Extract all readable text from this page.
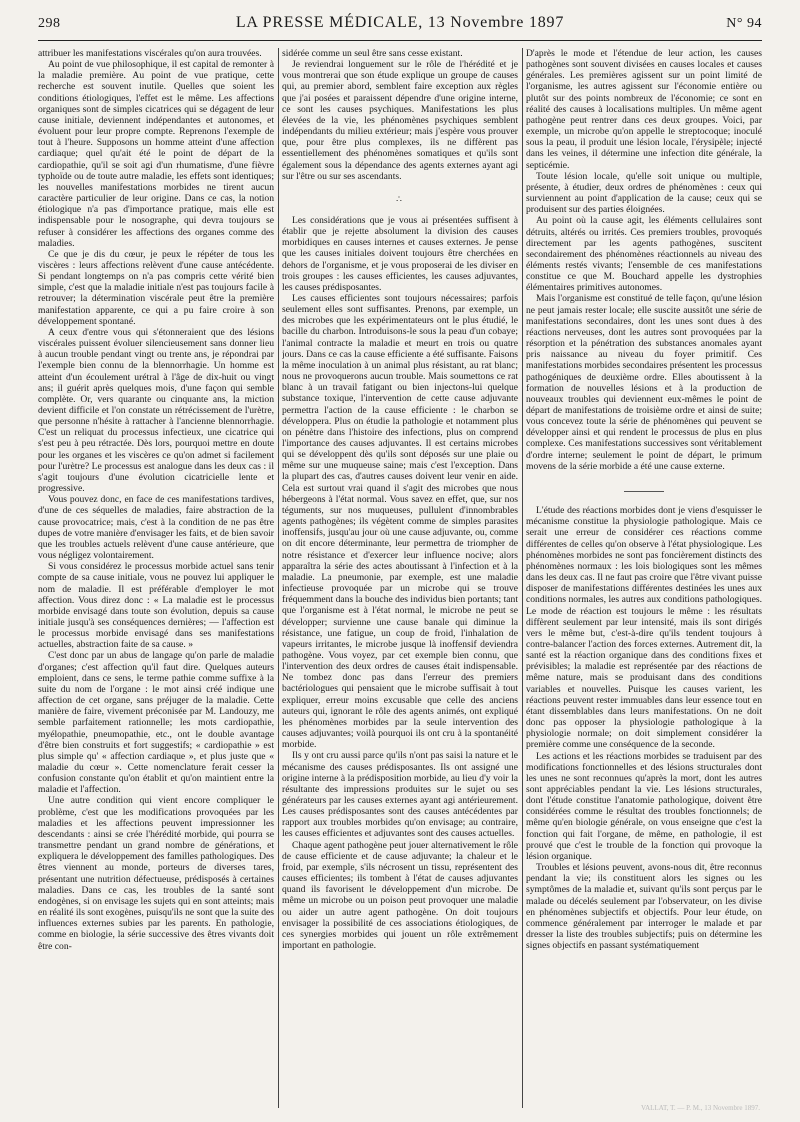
298	LA PRESSE MÉDICALE, 13 Novembre 1897	N° 94

attribuer les manifestations viscérales qu'on aura trouvées.

Au point de vue philosophique, il est capital de remonter à la maladie première. Au point de vue pratique, cette recherche est souvent inutile. Quelles que soient les conditions étiologiques, l'effet est le même. Les affections organiques sont de simples cicatrices qui se dégagent de leur cause initiale, deviennent indépendantes et autonomes, et évoluent pour leur propre compte. Reprenons l'exemple de tout à l'heure. Supposons un homme atteint d'une affection cardiaque; quel qu'ait été le point de départ de la cardiopathie, qu'il se soit agi d'un rhumatisme, d'une fièvre typhoïde ou de toute autre maladie, les effets sont identiques; les nouvelles manifestations morbides ne tirent aucun caractère particulier de leur origine. Dans ce cas, la notion étiologique n'a pas d'importance pratique, mais elle est indispensable pour le nosographe, qui devra toujours se refuser à considérer les affections des organes comme des maladies.

Ce que je dis du cœur, je peux le répéter de tous les viscères : leurs affections relèvent d'une cause antécédente. Si pendant longtemps on n'a pas compris cette vérité bien simple, c'est que la maladie initiale n'est pas toujours facile à retrouver; la détermination viscérale peut être la première manifestation apparente, ce qui a pu faire croire à son développement spontané.

A ceux d'entre vous qui s'étonneraient que des lésions viscérales puissent évoluer silencieusement sans donner lieu à aucun trouble pendant vingt ou trente ans, je répondrai par l'exemple bien connu de la blennorrhagie. Un homme est atteint d'un écoulement urétral à l'âge de dix-huit ou vingt ans; il guérit après quelques mois, d'une façon qui semble complète. Or, vers quarante ou cinquante ans, la miction devient difficile et l'on constate un rétrécissement de l'urètre, que personne n'hésite à rattacher à l'ancienne blennorrhagie. C'est un reliquat du processus infectieux, une cicatrice qui s'est peu à peu rétractée. Dès lors, pourquoi mettre en doute pour les organes et les viscères ce qu'on admet si facilement pour l'urètre? Le processus est analogue dans les deux cas : il s'agit toujours d'une évolution cicatricielle lente et progressive.

Vous pouvez donc, en face de ces manifestations tardives, d'une de ces séquelles de maladies, faire abstraction de la cause provocatrice; mais, c'est à la condition de ne pas être dupes de votre manière d'envisager les faits, et de bien savoir que les troubles actuels relèvent d'une cause antérieure, que vous négligez volontairement.

Si vous considérez le processus morbide actuel sans tenir compte de sa cause initiale, vous ne pouvez lui appliquer le nom de maladie. Il est préférable d'employer le mot affection. Vous direz donc : « La maladie est le processus morbide envisagé dans toute son évolution, depuis sa cause initiale jusqu'à ses conséquences dernières; — l'affection est le processus morbide envisagé dans ses manifestations actuelles, abstraction faite de sa cause. »

C'est donc par un abus de langage qu'on parle de maladie d'organes; c'est affection qu'il faut dire. Quelques auteurs emploient, dans ce sens, le terme pathie comme suffixe à la suite du nom de l'organe : le mot ainsi créé indique une affection de cet organe, sans préjuger de la maladie. Cette manière de faire, vivement préconisée par M. Landouzy, me semble parfaitement rationnelle; les mots cardiopathie, myélopathie, pneumopathie, etc., ont le double avantage d'être bien construits et fort suggestifs; « cardiopathie » est plus simple qu' « affection cardiaque », et plus juste que « maladie du cœur ». Cette nomenclature ferait cesser la confusion constante qu'on établit et qu'on maintient entre la maladie et l'affection.

Une autre condition qui vient encore compliquer le problème, c'est que les modifications provoquées par les maladies et les affections peuvent impressionner les descendants : ainsi se crée l'hérédité morbide, qui pourra se transmettre pendant un grand nombre de générations, et expliquera le développement des familles pathologiques. Des êtres viennent au monde, porteurs de diverses tares, présentant une nutrition défectueuse, prédisposés à certaines maladies. Dans ce cas, les troubles de la santé sont endogènes, si on envisage les sujets qui en sont atteints; mais en réalité ils sont exogènes, puisqu'ils ne sont que la suite des influences externes subies par les parents. En pathologie, comme en biologie, la série successive des êtres vivants doit être con-

sidérée comme un seul être sans cesse existant.

Je reviendrai longuement sur le rôle de l'hérédité et je vous montrerai que son étude explique un groupe de causes qui, au premier abord, semblent faire exception aux règles que j'ai posées et paraissent dépendre d'une origine interne, ce sont les causes psychiques. Manifestations les plus élevées de la vie, les phénomènes psychiques semblent indépendants du milieu extérieur; mais j'espère vous prouver que, pour être plus complexes, ils ne diffèrent pas essentiellement des phénomènes somatiques et qu'ils sont également sous la dépendance des agents externes ayant agi sur l'être ou sur ses ascendants.

∴

Les considérations que je vous ai présentées suffisent à établir que je rejette absolument la division des causes morbidiques en causes internes et causes externes. Je pense que les causes initiales doivent toujours être cherchées en dehors de l'organisme, et je vous proposerai de les diviser en trois groupes : les causes efficientes, les causes adjuvantes, les causes prédisposantes.

Les causes efficientes sont toujours nécessaires; parfois seulement elles sont suffisantes. Prenons, par exemple, un des microbes que les expérimentateurs ont le plus étudié, le bacille du charbon. Introduisons-le sous la peau d'un cobaye; l'animal contracte la maladie et meurt en trois ou quatre jours. Dans ce cas la cause efficiente a été suffisante. Faisons la même inoculation à un animal plus résistant, au rat blanc; nous ne provoquerons aucun trouble. Mais soumettons ce rat blanc à un travail fatigant ou bien injectons-lui quelque substance toxique, l'intervention de cette cause adjuvante permettra l'action de la cause efficiente : le charbon se développera. Plus on étudie la pathologie et notamment plus on pénètre dans l'histoire des infections, plus on comprend l'importance des causes adjuvantes. Il est certains microbes qui se développent dès qu'ils sont déposés sur une plaie ou même sur une muqueuse saine; mais c'est l'exception. Dans la plupart des cas, d'autres causes doivent leur venir en aide. Cela est surtout vrai quand il s'agit des microbes que nous hébergeons à l'état normal. Vous savez en effet, que, sur nos téguments, sur nos muqueuses, pullulent d'innombrables agents pathogènes; ils végètent comme de simples parasites inoffensifs, jusqu'au jour où une cause adjuvante, ou, comme on dit encore déterminante, leur permettra de triompher de notre résistance et d'exercer leur influence nocive; alors apparaîtra la série des actes aboutissant à l'infection et à la maladie. La pneumonie, par exemple, est une maladie infectieuse provoquée par un microbe qui se trouve fréquemment dans la bouche des individus bien portants; tant que l'organisme est à l'état normal, le microbe ne peut se développer; survienne une cause banale qui diminue la résistance, une fatigue, un coup de froid, l'inhalation de vapeurs irritantes, le microbe jusque là inoffensif deviendra pathogène. Vous voyez, par cet exemple bien connu, que l'intervention des deux ordres de causes était indispensable. Ne tombez donc pas dans l'erreur des premiers bactériologues qui pensaient que le microbe suffisait à tout expliquer, erreur moins excusable que celle des anciens auteurs qui, ignorant le rôle des agents animés, ont expliqué les phénomènes morbides par la seule intervention des causes adjuvantes; voilà pourquoi ils ont cru à la spontanéité morbide.

Ils y ont cru aussi parce qu'ils n'ont pas saisi la nature et le mécanisme des causes prédisposantes. Ils ont assigné une origine interne à la prédisposition morbide, au lieu d'y voir la résultante des impressions produites sur le sujet ou ses générateurs par les causes externes ayant agi antérieurement. Les causes prédisposantes sont des causes antécédentes par rapport aux troubles morbides qu'on envisage; au contraire, les causes efficientes et adjuvantes sont des causes actuelles.

Chaque agent pathogène peut jouer alternativement le rôle de cause efficiente et de cause adjuvante; la chaleur et le froid, par exemple, s'ils nécrosent un tissu, représentent des causes efficientes; ils tombent à l'état de causes adjuvantes quand ils favorisent le développement d'un microbe. De même un microbe ou un poison peut provoquer une maladie ou aider un autre agent pathogène. On doit toujours envisager la possibilité de ces associations étiologiques, de ces synergies morbides qui jouent un rôle extrêmement important en pathologie.

D'après le mode et l'étendue de leur action, les causes pathogènes sont souvent divisées en causes locales et causes générales. Les premières agissent sur un point limité de l'organisme, les autres agissent sur l'économie entière ou plutôt sur des points nombreux de l'économie; ce sont en réalité des causes à localisations multiples. Un même agent pathogène peut rentrer dans ces deux groupes. Voici, par exemple, un microbe qu'on appelle le streptocoque; inoculé sous la peau, il produit une lésion locale, l'érysipèle; injecté dans les veines, il détermine une infection dite générale, la septicémie.

Toute lésion locale, qu'elle soit unique ou multiple, présente, à étudier, deux ordres de phénomènes : ceux qui surviennent au point d'application de la cause; ceux qui se produisent sur des parties éloignées.

Au point où la cause agit, les éléments cellulaires sont détruits, altérés ou irrités. Ces premiers troubles, provoqués directement par les agents pathogènes, suscitent secondairement des phénomènes réactionnels au niveau des éléments restés vivants; l'ensemble de ces manifestations constitue ce que M. Bouchard appelle les dystrophies élémentaires primitives autonomes.

Mais l'organisme est constitué de telle façon, qu'une lésion ne peut jamais rester locale; elle suscite aussitôt une série de manifestations secondaires, dont les unes sont dues à des réactions nerveuses, dont les autres sont provoquées par la résorption et la pénétration des substances anomales ayant pris naissance au niveau du foyer primitif. Ces manifestations morbides secondaires présentent les processus pathogéniques de deuxième ordre. Elles aboutissent à la formation de nouvelles lésions et à la production de nouveaux troubles qui deviennent eux-mêmes le point de départ de manifestations de troisième ordre et ainsi de suite; vous concevez toute la série de phénomènes qui peuvent se développer ainsi et qui rendent le processus de plus en plus complexe. Ces manifestations successives sont véritablement d'ordre interne; seulement le point de départ, le primum movens de la série morbide a été une cause externe.

L'étude des réactions morbides dont je viens d'esquisser le mécanisme constitue la physiologie pathologique. Mais ce serait une erreur de considérer ces réactions comme différentes de celles qu'on observe à l'état physiologique. Les phénomènes morbides ne sont pas foncièrement distincts des phénomènes normaux : les lois biologiques sont les mêmes dans les deux cas. Il ne faut pas croire que l'être vivant puisse disposer de manifestations différentes destinées les unes aux conditions normales, les autres aux conditions pathologiques. Le mode de réaction est toujours le même : les résultats diffèrent seulement par leur intensité, mais ils sont dirigés vers le même but, c'est-à-dire qu'ils tendent toujours à contre-balancer l'action des forces externes. Autrement dit, la santé est la réaction organique dans des conditions fixes et prévisibles; la maladie est représentée par des réactions de même nature, mais se produisant dans des conditions variables et nouvelles. Puisque les causes varient, les réactions peuvent rester immuables dans leur essence tout en étant dissemblables dans leurs manifestations. On ne doit donc pas opposer la physiologie pathologique à la physiologie normale; on doit simplement considérer la première comme une conséquence de la seconde.

Les actions et les réactions morbides se traduisent par des modifications fonctionnelles et des lésions structurales dont les unes ne sont reconnues qu'après la mort, dont les autres sont appréciables pendant la vie. Les lésions structurales, dont l'étude constitue l'anatomie pathologique, doivent être considérées comme le résultat des troubles fonctionnels; de même qu'en biologie générale, on vous enseigne que c'est la fonction qui fait l'organe, de même, en pathologie, il est prouvé que c'est le trouble de la fonction qui provoque la lésion organique.

Troubles et lésions peuvent, avons-nous dit, être reconnus pendant la vie; ils constituent alors les signes ou les symptômes de la maladie et, suivant qu'ils sont perçus par le malade ou décelés seulement par l'observateur, on les divise en phénomènes subjectifs et objectifs. Pour leur étude, on commence généralement par interroger le malade et par dresser la liste des troubles subjectifs; puis on détermine les signes objectifs en passant systématiquement

VALLAT, T. — P. M., 13 Novembre 1897.
